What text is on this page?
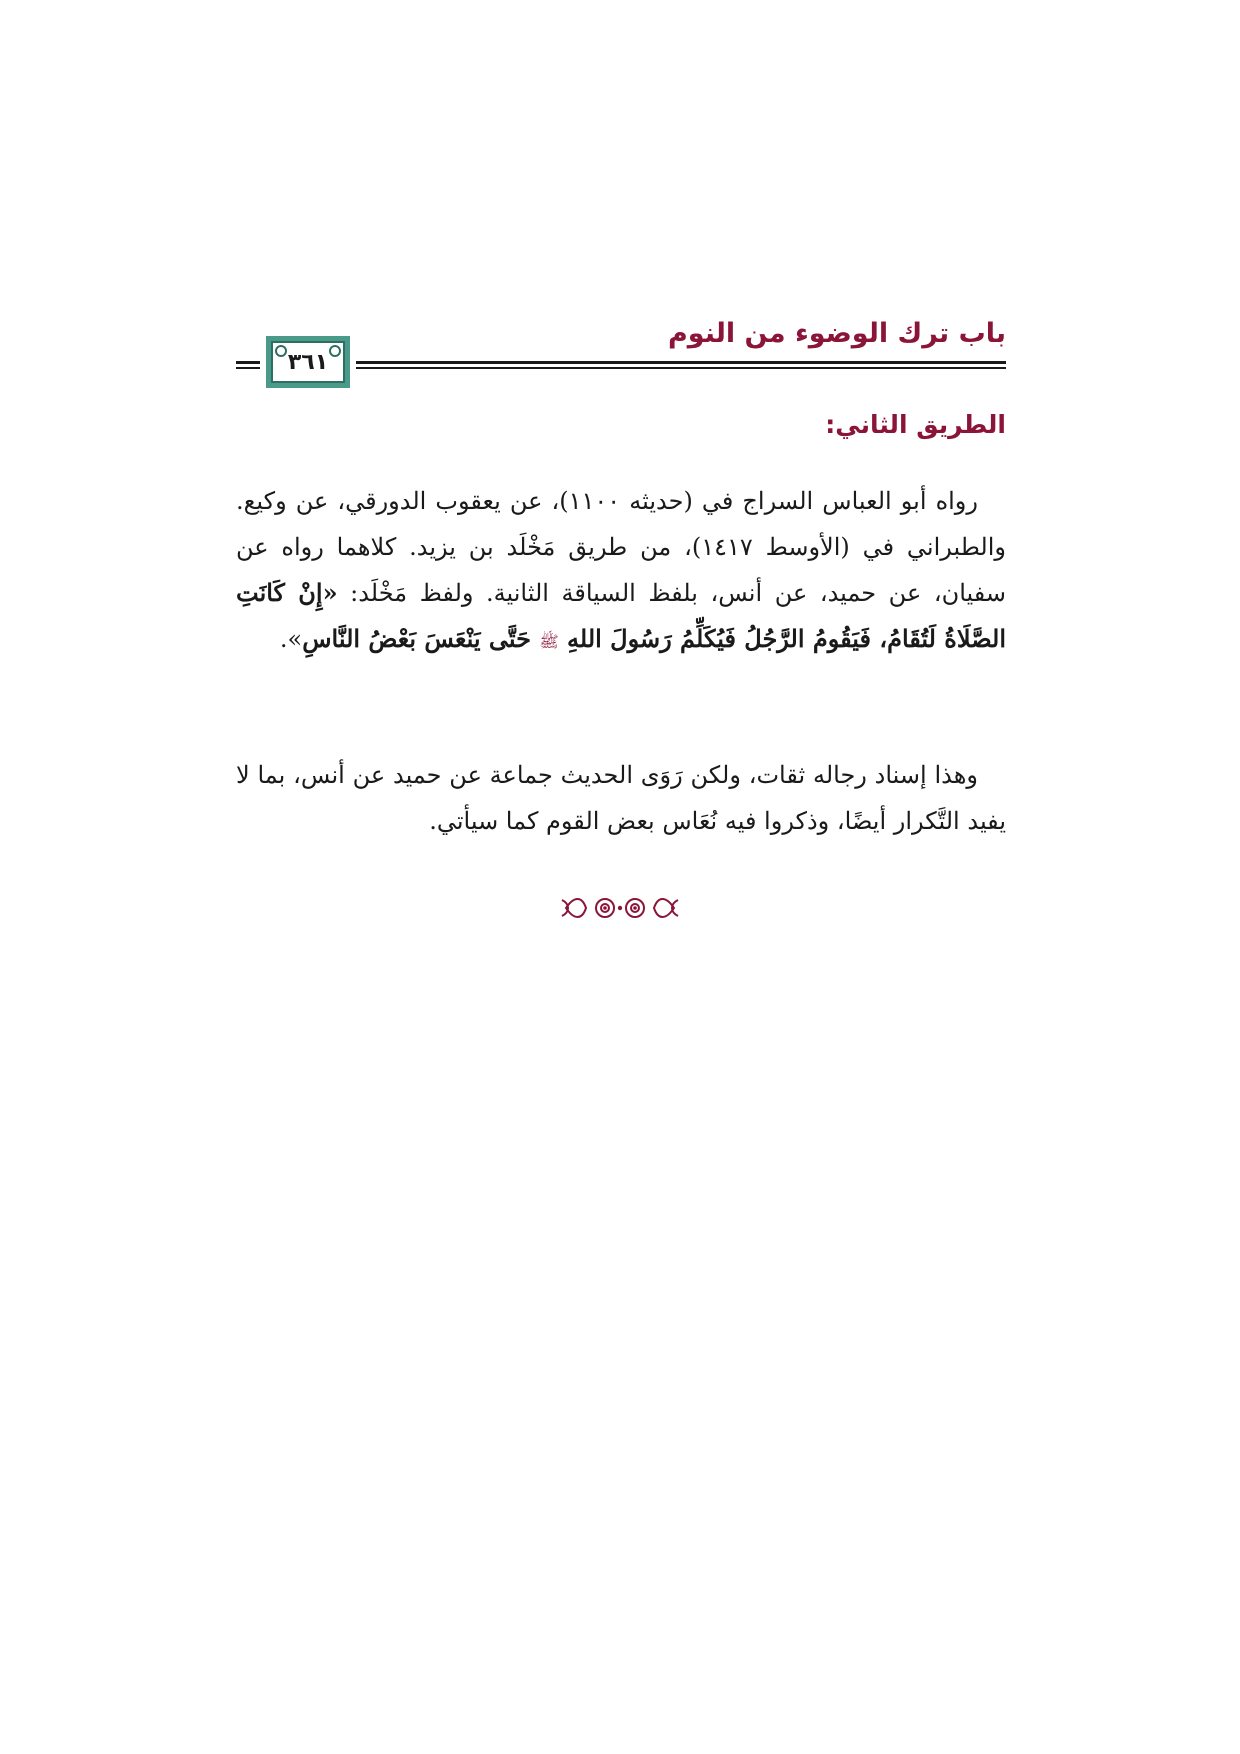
باب ترك الوضوء من النوم
٣٦١
الطريق الثاني:

رواه أبو العباس السراج في (حديثه ١١٠٠)، عن يعقوب الدورقي، عن وكيع. والطبراني في (الأوسط ١٤١٧)، من طريق مَخْلَد بن يزيد. كلاهما رواه عن سفيان، عن حميد، عن أنس، بلفظ السياقة الثانية. ولفظ مَخْلَد: «إِنْ كَانَتِ الصَّلَاةُ لَتُقَامُ، فَيَقُومُ الرَّجُلُ فَيُكَلِّمُ رَسُولَ اللهِ ﷺ حَتَّى يَنْعَسَ بَعْضُ النَّاسِ».

وهذا إسناد رجاله ثقات، ولكن رَوَى الحديث جماعة عن حميد عن أنس، بما لا يفيد التَّكرار أيضًا، وذكروا فيه نُعَاس بعض القوم كما سيأتي.
